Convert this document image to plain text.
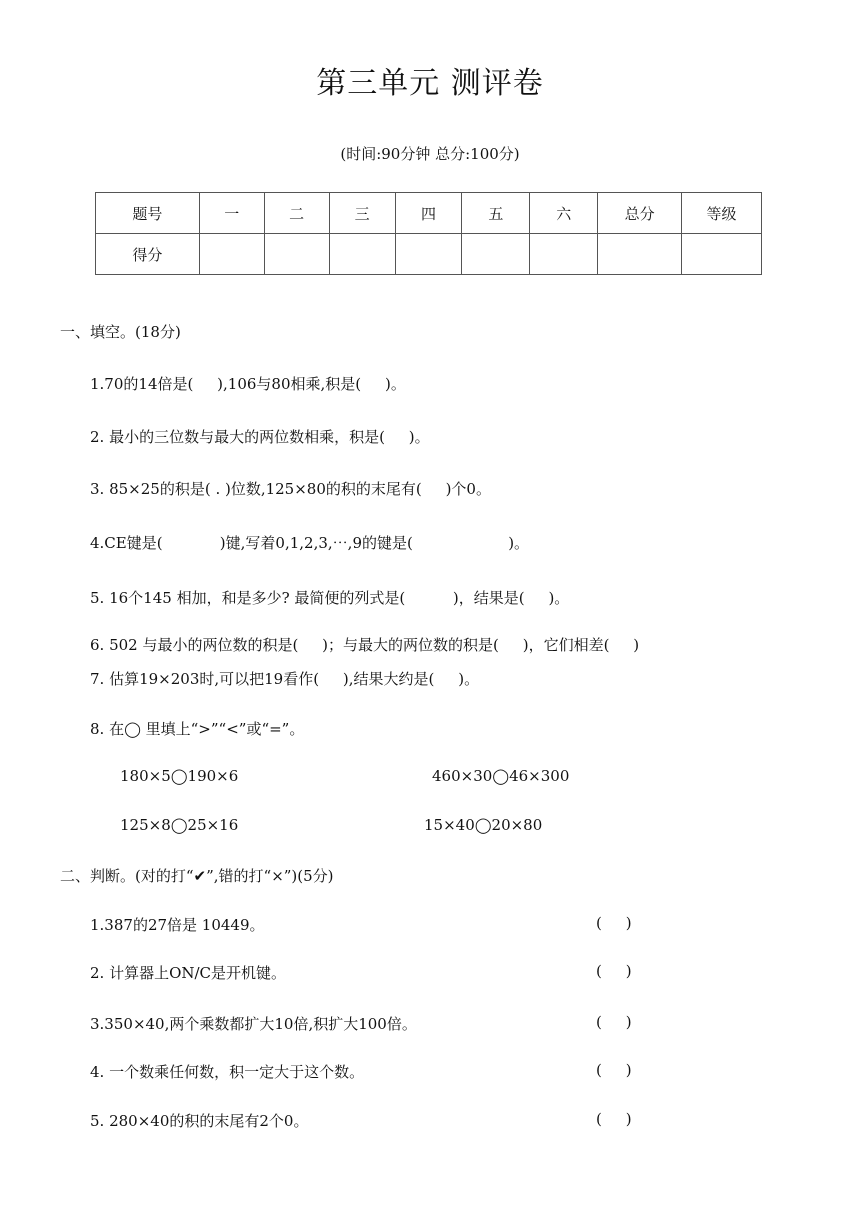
第三单元 测评卷
(时间:90分钟 总分:100分)
题号	一	二	三	四	五	六	总分	等级
得分								
一、填空。(18分)
1.70的14倍是(     ),106与80相乘,积是(     )。
2. 最小的三位数与最大的两位数相乘，积是(     )。
3. 85×25的积是( . )位数,125×80的积的末尾有(     )个0。
4.CE键是(            )键,写着0,1,2,3,⋯,9的键是(                    )。
5. 16个145 相加，和是多少? 最简便的列式是(          )，结果是(     )。
6. 502 与最小的两位数的积是(     )；与最大的两位数的积是(     )，它们相差(     )
7. 估算19×203时,可以把19看作(     ),结果大约是(     )。
8. 在◯ 里填上“>”“<”或“=”。
180×5◯190×6	460×30◯46×300
125×8◯25×16	15×40◯20×80
二、判断。(对的打“✔”,错的打“×”)(5分)
1.387的27倍是 10449。	(     )
2. 计算器上ON/C是开机键。	(     )
3.350×40,两个乘数都扩大10倍,积扩大100倍。	(     )
4. 一个数乘任何数，积一定大于这个数。	(     )
5. 280×40的积的末尾有2个0。	(     )
